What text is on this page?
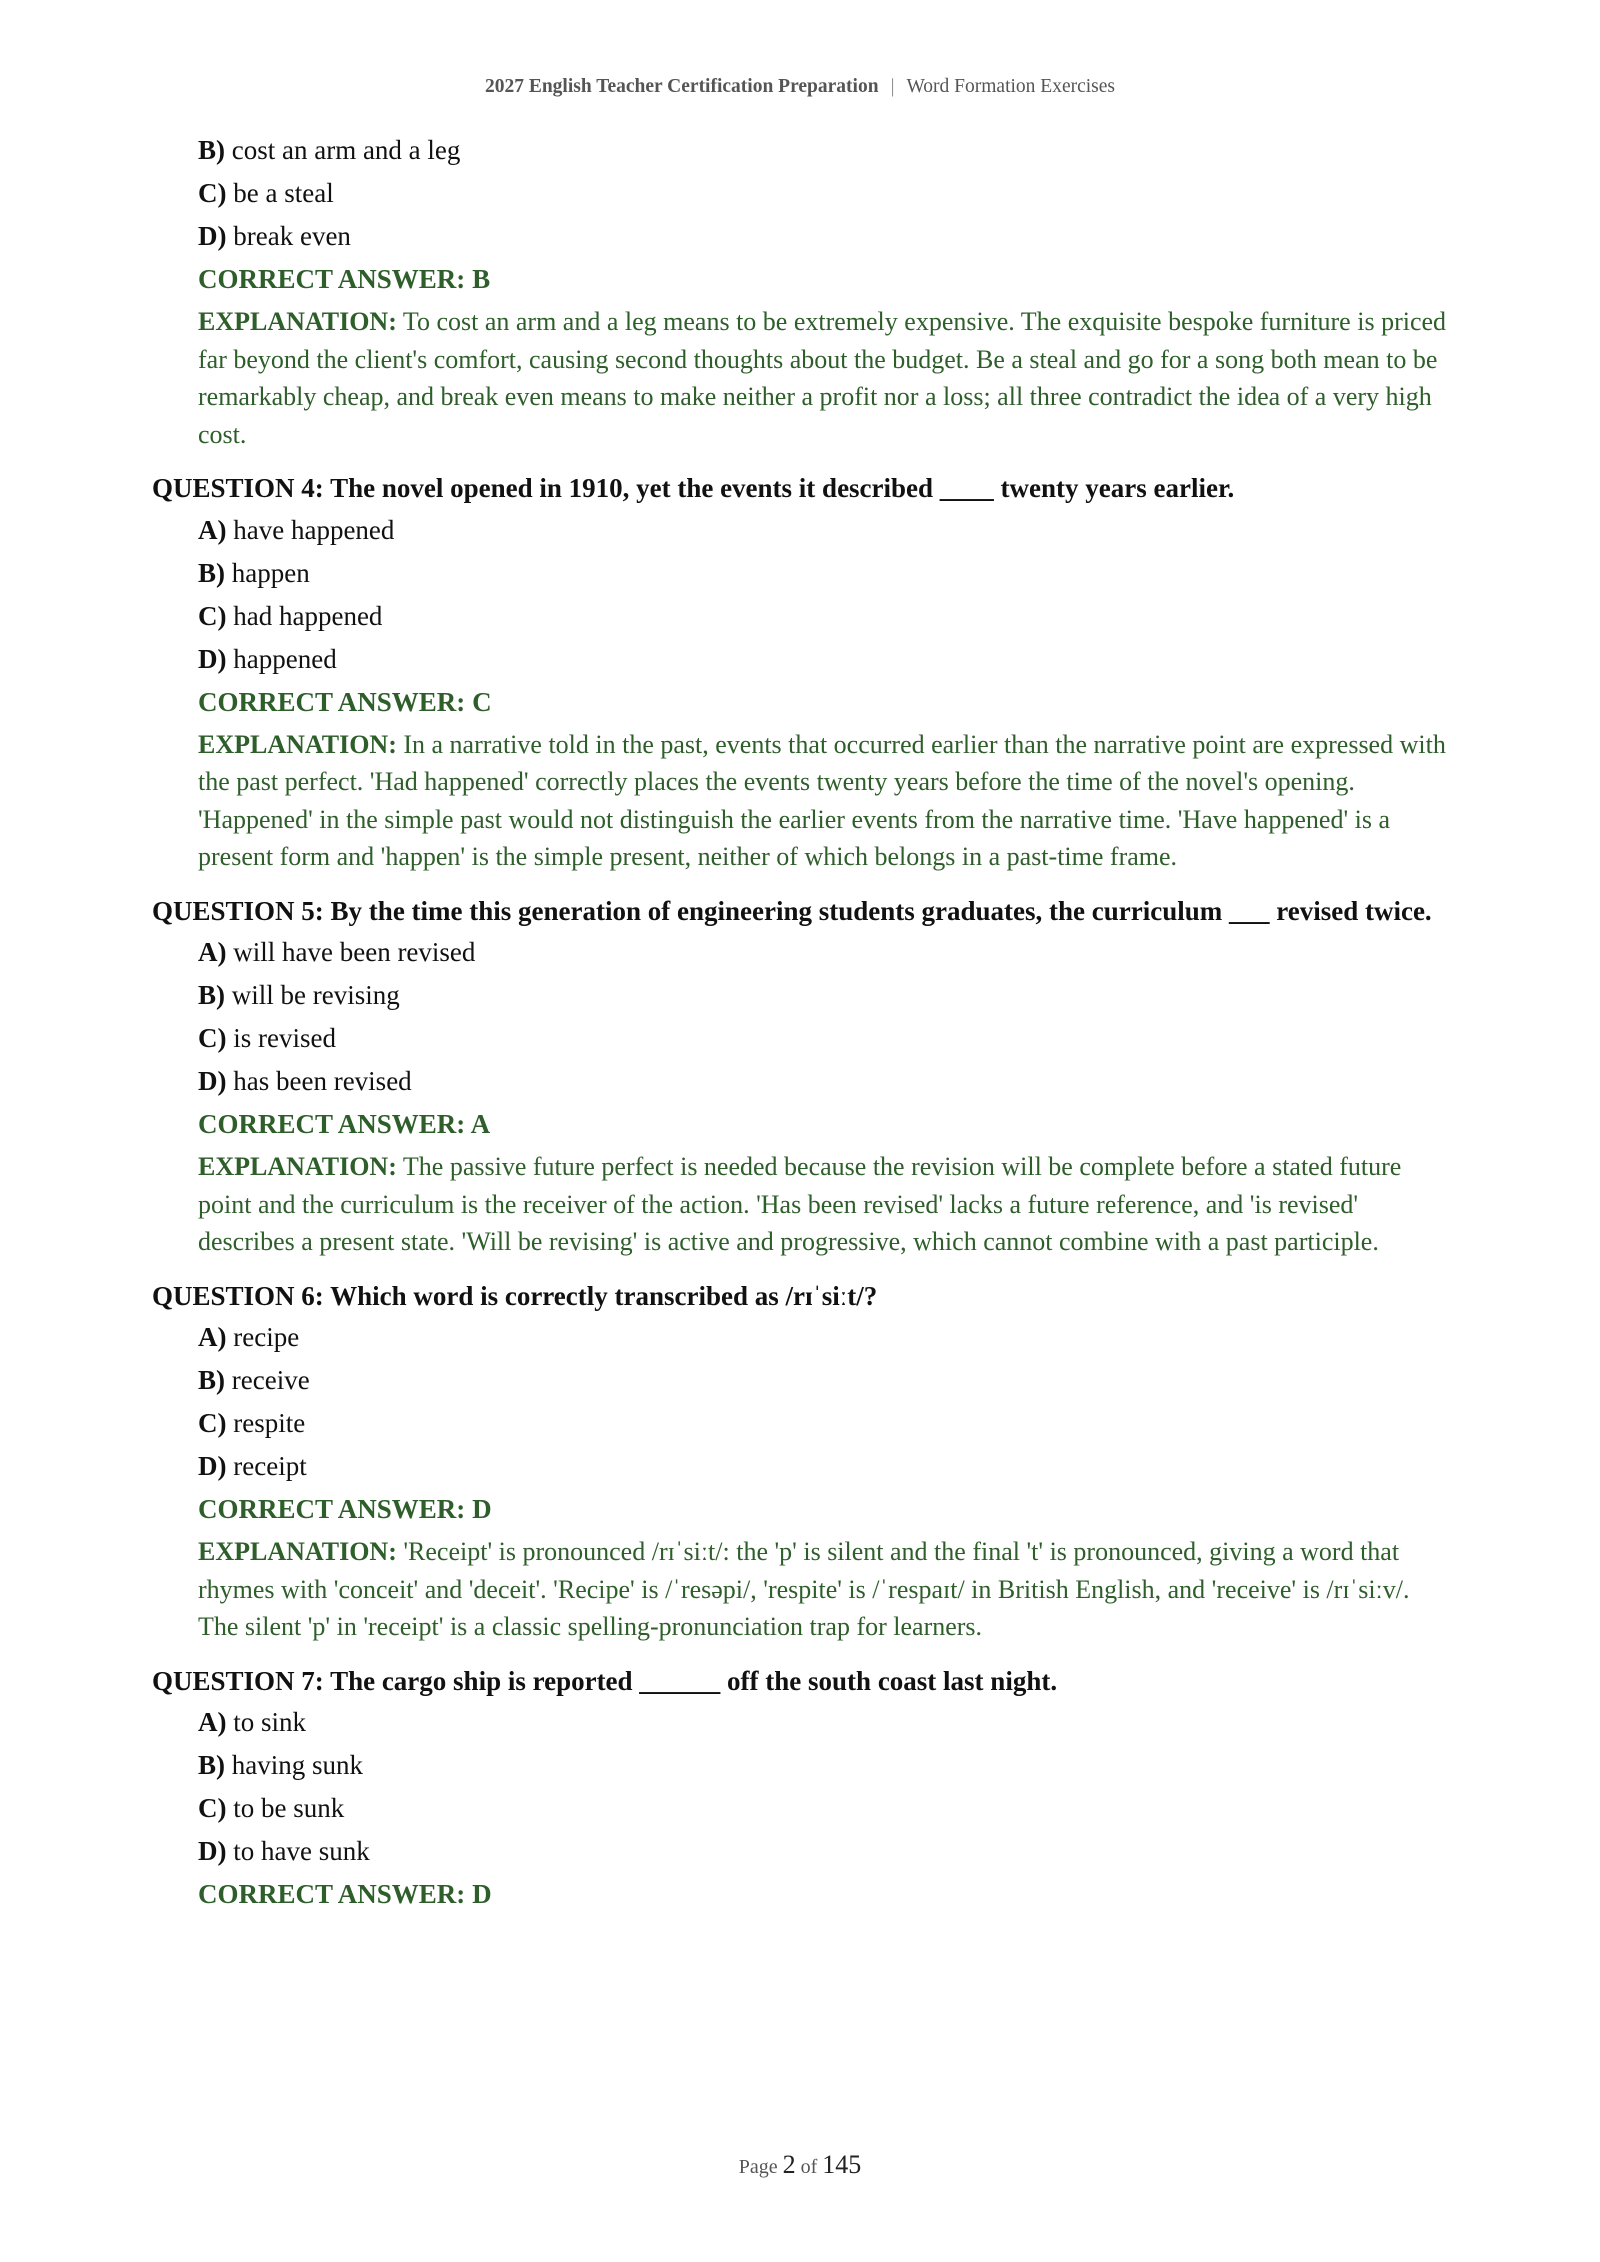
2027 English Teacher Certification Preparation | Word Formation Exercises
B) cost an arm and a leg
C) be a steal
D) break even
CORRECT ANSWER: B
EXPLANATION: To cost an arm and a leg means to be extremely expensive. The exquisite bespoke furniture is priced far beyond the client's comfort, causing second thoughts about the budget. Be a steal and go for a song both mean to be remarkably cheap, and break even means to make neither a profit nor a loss; all three contradict the idea of a very high cost.
QUESTION 4: The novel opened in 1910, yet the events it described ____ twenty years earlier.
A) have happened
B) happen
C) had happened
D) happened
CORRECT ANSWER: C
EXPLANATION: In a narrative told in the past, events that occurred earlier than the narrative point are expressed with the past perfect. 'Had happened' correctly places the events twenty years before the time of the novel's opening. 'Happened' in the simple past would not distinguish the earlier events from the narrative time. 'Have happened' is a present form and 'happen' is the simple present, neither of which belongs in a past-time frame.
QUESTION 5: By the time this generation of engineering students graduates, the curriculum ___ revised twice.
A) will have been revised
B) will be revising
C) is revised
D) has been revised
CORRECT ANSWER: A
EXPLANATION: The passive future perfect is needed because the revision will be complete before a stated future point and the curriculum is the receiver of the action. 'Has been revised' lacks a future reference, and 'is revised' describes a present state. 'Will be revising' is active and progressive, which cannot combine with a past participle.
QUESTION 6: Which word is correctly transcribed as /rɪˈsiːt/?
A) recipe
B) receive
C) respite
D) receipt
CORRECT ANSWER: D
EXPLANATION: 'Receipt' is pronounced /rɪˈsiːt/: the 'p' is silent and the final 't' is pronounced, giving a word that rhymes with 'conceit' and 'deceit'. 'Recipe' is /ˈresəpi/, 'respite' is /ˈrespaɪt/ in British English, and 'receive' is /rɪˈsiːv/. The silent 'p' in 'receipt' is a classic spelling-pronunciation trap for learners.
QUESTION 7: The cargo ship is reported ______ off the south coast last night.
A) to sink
B) having sunk
C) to be sunk
D) to have sunk
CORRECT ANSWER: D
Page 2 of 145
